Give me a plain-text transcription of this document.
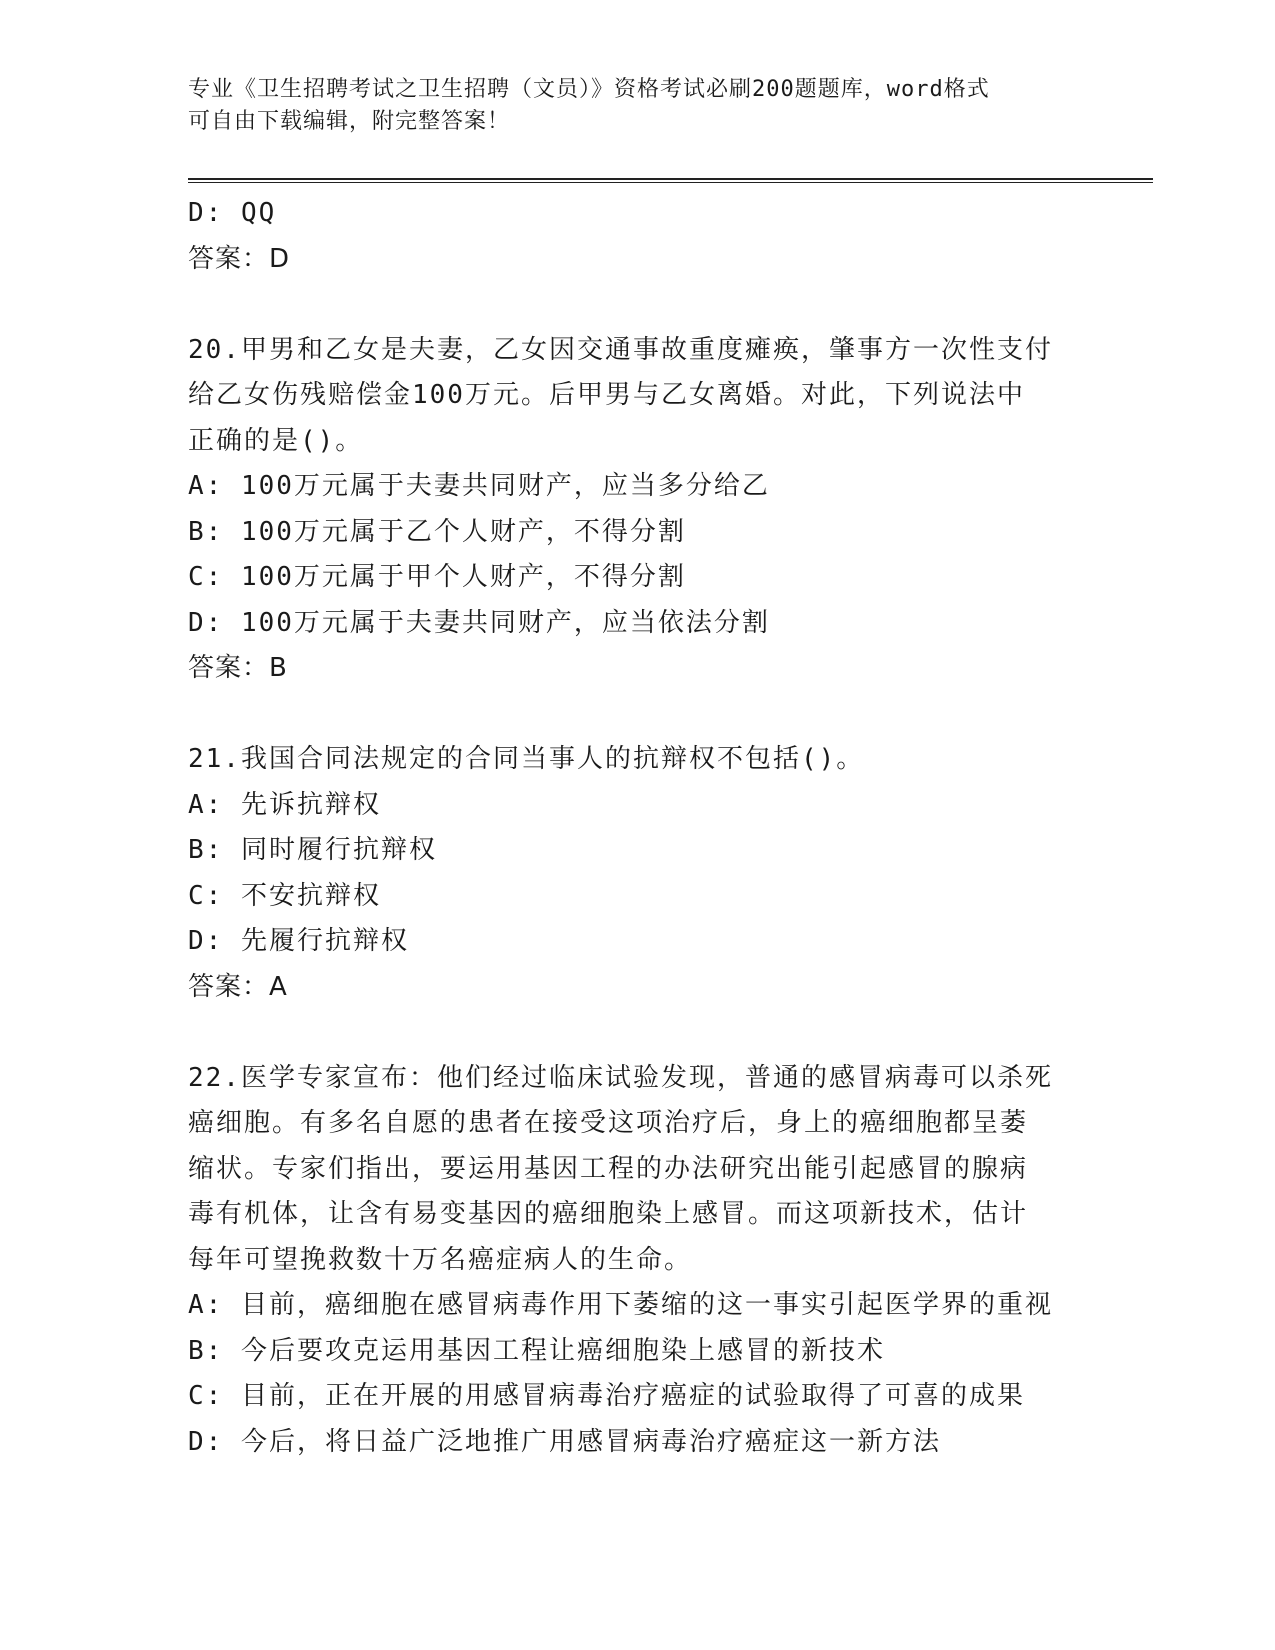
专业《卫生招聘考试之卫生招聘（文员）》资格考试必刷200题题库，word格式

可自由下载编辑，附完整答案！

D: QQ

答案：D

20.甲男和乙女是夫妻，乙女因交通事故重度瘫痪，肇事方一次性支付

给乙女伤残赔偿金100万元。后甲男与乙女离婚。对此，下列说法中

正确的是()。

A: 100万元属于夫妻共同财产，应当多分给乙

B: 100万元属于乙个人财产，不得分割

C: 100万元属于甲个人财产，不得分割

D: 100万元属于夫妻共同财产，应当依法分割

答案：B

21.我国合同法规定的合同当事人的抗辩权不包括()。

A: 先诉抗辩权

B: 同时履行抗辩权

C: 不安抗辩权

D: 先履行抗辩权

答案：A

22.医学专家宣布：他们经过临床试验发现，普通的感冒病毒可以杀死

癌细胞。有多名自愿的患者在接受这项治疗后，身上的癌细胞都呈萎

缩状。专家们指出，要运用基因工程的办法研究出能引起感冒的腺病

毒有机体，让含有易变基因的癌细胞染上感冒。而这项新技术，估计

每年可望挽救数十万名癌症病人的生命。

A: 目前，癌细胞在感冒病毒作用下萎缩的这一事实引起医学界的重视

B: 今后要攻克运用基因工程让癌细胞染上感冒的新技术

C: 目前，正在开展的用感冒病毒治疗癌症的试验取得了可喜的成果

D: 今后，将日益广泛地推广用感冒病毒治疗癌症这一新方法
